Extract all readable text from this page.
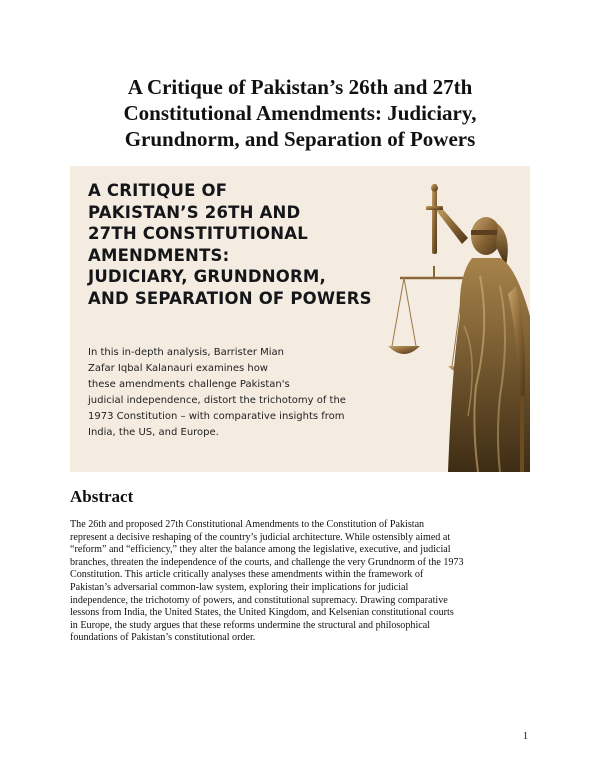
A Critique of Pakistan’s 26th and 27th
Constitutional Amendments: Judiciary,
Grundnorm, and Separation of Powers
A CRITIQUE OF
PAKISTAN’S 26TH AND
27TH CONSTITUTIONAL
AMENDMENTS:
JUDICIARY, GRUNDNORM,
AND SEPARATION OF POWERS
In this in-depth analysis, Barrister Mian
Zafar Iqbal Kalanauri examines how
these amendments challenge Pakistan's
judicial independence, distort the trichotomy of the
1973 Constitution – with comparative insights from
India, the US, and Europe.
Abstract
The 26th and proposed 27th Constitutional Amendments to the Constitution of Pakistan
represent a decisive reshaping of the country’s judicial architecture. While ostensibly aimed at
“reform” and “efficiency,” they alter the balance among the legislative, executive, and judicial
branches, threaten the independence of the courts, and challenge the very Grundnorm of the 1973
Constitution. This article critically analyses these amendments within the framework of
Pakistan’s adversarial common-law system, exploring their implications for judicial
independence, the trichotomy of powers, and constitutional supremacy. Drawing comparative
lessons from India, the United States, the United Kingdom, and Kelsenian constitutional courts
in Europe, the study argues that these reforms undermine the structural and philosophical
foundations of Pakistan’s constitutional order.
1
